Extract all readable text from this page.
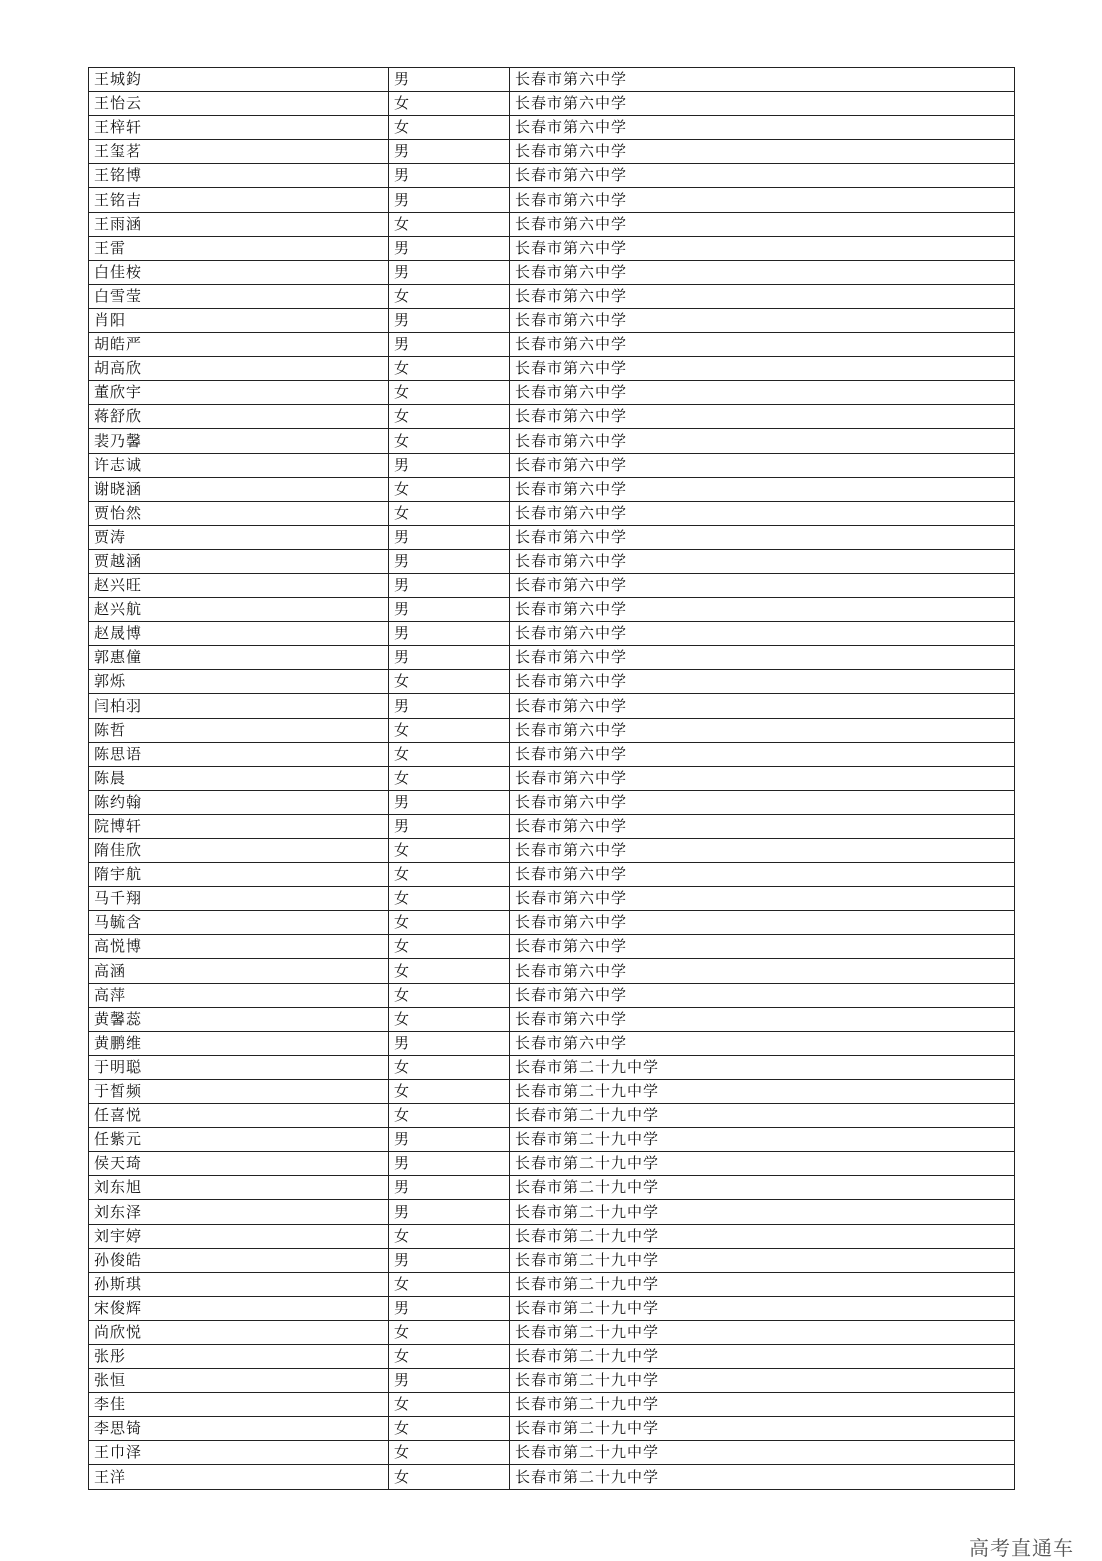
王城鈞	男	长春市第六中学
王怡云	女	长春市第六中学
王梓轩	女	长春市第六中学
王玺茗	男	长春市第六中学
王铭博	男	长春市第六中学
王铭吉	男	长春市第六中学
王雨涵	女	长春市第六中学
王雷	男	长春市第六中学
白佳桉	男	长春市第六中学
白雪莹	女	长春市第六中学
肖阳	男	长春市第六中学
胡皓严	男	长春市第六中学
胡高欣	女	长春市第六中学
董欣宇	女	长春市第六中学
蒋舒欣	女	长春市第六中学
裴乃馨	女	长春市第六中学
许志诚	男	长春市第六中学
谢晓涵	女	长春市第六中学
贾怡然	女	长春市第六中学
贾涛	男	长春市第六中学
贾越涵	男	长春市第六中学
赵兴旺	男	长春市第六中学
赵兴航	男	长春市第六中学
赵晟博	男	长春市第六中学
郭惠僮	男	长春市第六中学
郭烁	女	长春市第六中学
闫柏羽	男	长春市第六中学
陈哲	女	长春市第六中学
陈思语	女	长春市第六中学
陈晨	女	长春市第六中学
陈约翰	男	长春市第六中学
院博轩	男	长春市第六中学
隋佳欣	女	长春市第六中学
隋宇航	女	长春市第六中学
马千翔	女	长春市第六中学
马毓含	女	长春市第六中学
高悦博	女	长春市第六中学
高涵	女	长春市第六中学
高萍	女	长春市第六中学
黄馨蕊	女	长春市第六中学
黄鹏维	男	长春市第六中学
于明聪	女	长春市第二十九中学
于皙频	女	长春市第二十九中学
任喜悦	女	长春市第二十九中学
任紫元	男	长春市第二十九中学
侯天琦	男	长春市第二十九中学
刘东旭	男	长春市第二十九中学
刘东泽	男	长春市第二十九中学
刘宇婷	女	长春市第二十九中学
孙俊皓	男	长春市第二十九中学
孙斯琪	女	长春市第二十九中学
宋俊辉	男	长春市第二十九中学
尚欣悦	女	长春市第二十九中学
张彤	女	长春市第二十九中学
张恒	男	长春市第二十九中学
李佳	女	长春市第二十九中学
李思锜	女	长春市第二十九中学
王巾泽	女	长春市第二十九中学
王洋	女	长春市第二十九中学
高考直通车
